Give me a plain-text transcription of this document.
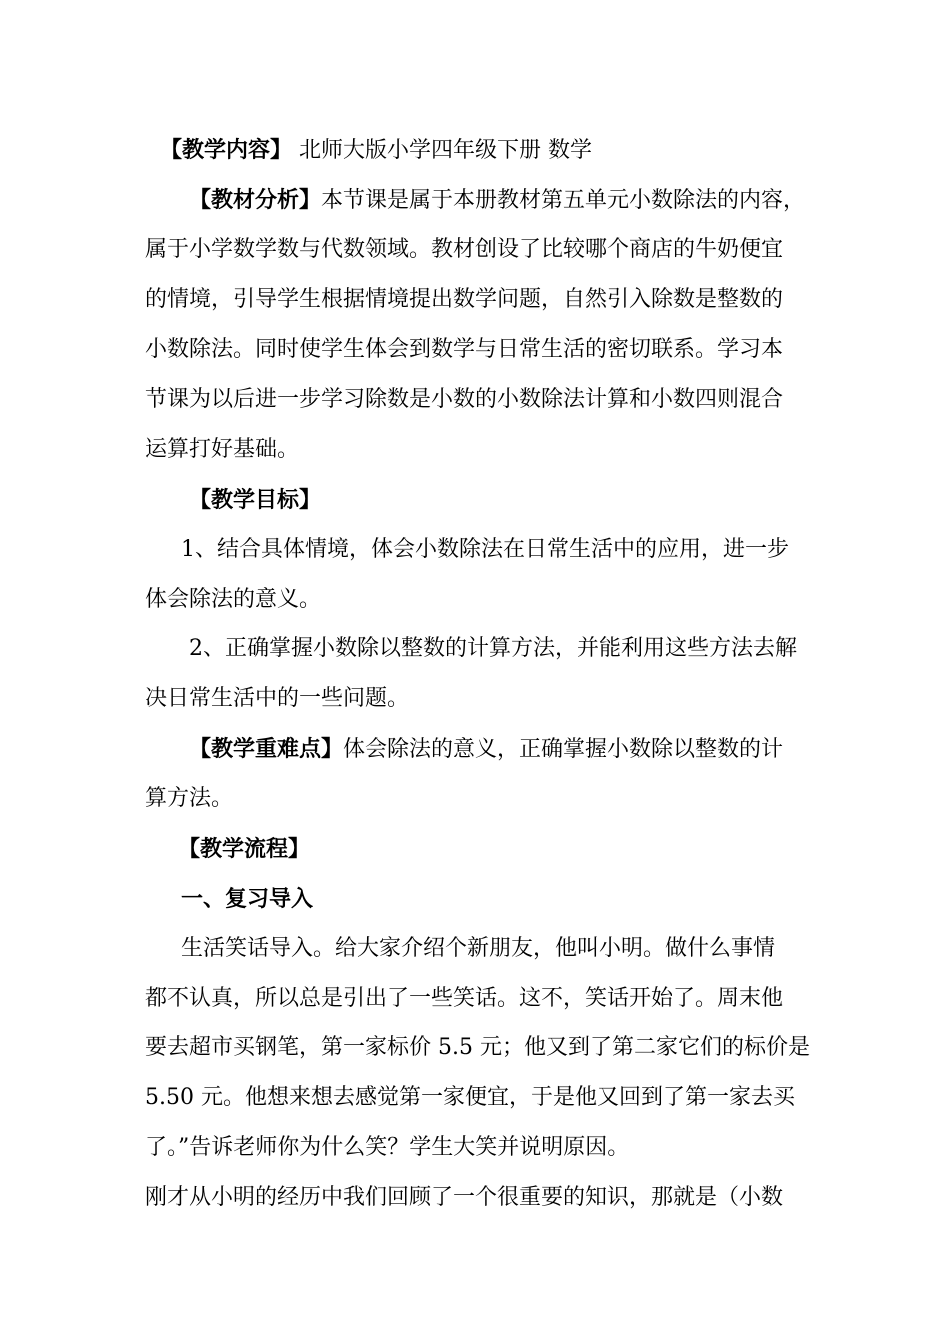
【教学内容】 北师大版小学四年级下册 数学
【教材分析】本节课是属于本册教材第五单元小数除法的内容，
属于小学数学数与代数领域。教材创设了比较哪个商店的牛奶便宜
的情境，引导学生根据情境提出数学问题，自然引入除数是整数的
小数除法。同时使学生体会到数学与日常生活的密切联系。学习本
节课为以后进一步学习除数是小数的小数除法计算和小数四则混合
运算打好基础。
【教学目标】
1、结合具体情境，体会小数除法在日常生活中的应用，进一步
体会除法的意义。
2、正确掌握小数除以整数的计算方法，并能利用这些方法去解
决日常生活中的一些问题。
【教学重难点】体会除法的意义，正确掌握小数除以整数的计
算方法。
【教学流程】
一、复习导入
生活笑话导入。给大家介绍个新朋友，他叫小明。做什么事情
都不认真，所以总是引出了一些笑话。这不，笑话开始了。周末他
要去超市买钢笔，第一家标价 5.5 元；他又到了第二家它们的标价是
5.50 元。他想来想去感觉第一家便宜，于是他又回到了第一家去买
了。”告诉老师你为什么笑？学生大笑并说明原因。
刚才从小明的经历中我们回顾了一个很重要的知识，那就是（小数
